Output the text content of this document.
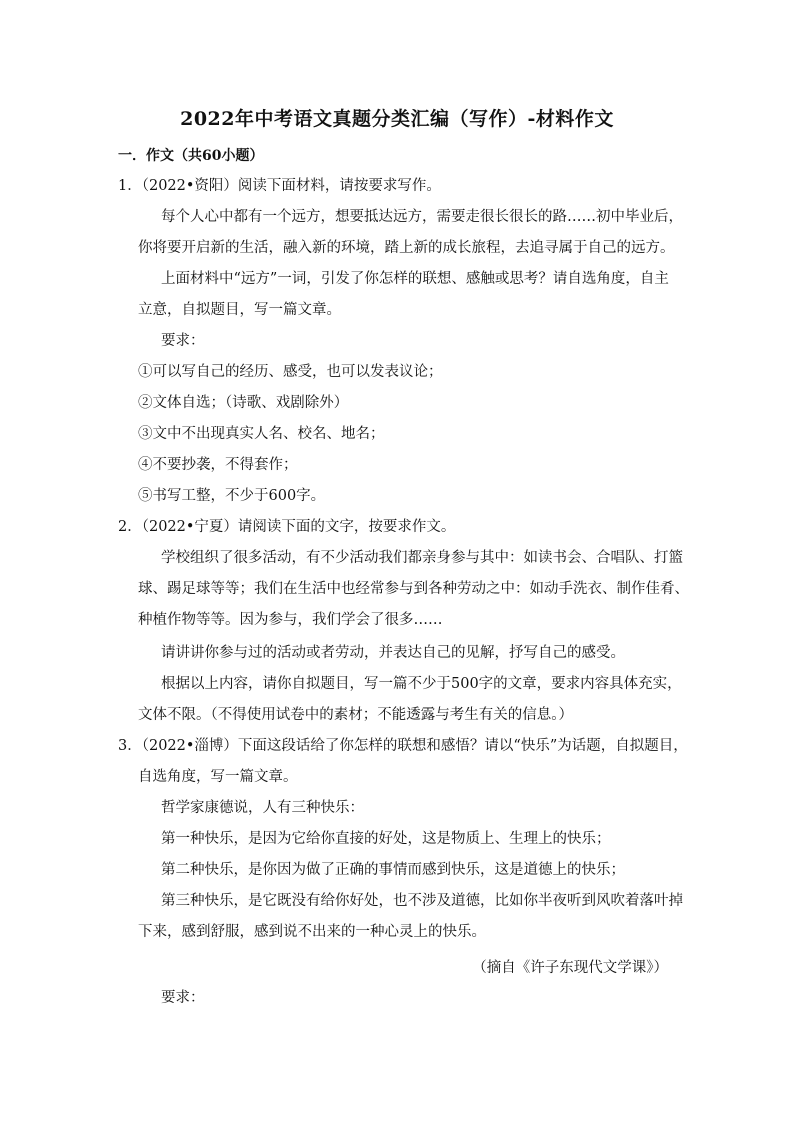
2022年中考语文真题分类汇编（写作）-材料作文
一．作文（共60小题）
1．（2022•资阳）阅读下面材料，请按要求写作。
每个人心中都有一个远方，想要抵达远方，需要走很长很长的路……初中毕业后，
你将要开启新的生活，融入新的环境，踏上新的成长旅程，去追寻属于自己的远方。
上面材料中“远方”一词，引发了你怎样的联想、感触或思考？请自选角度，自主
立意，自拟题目，写一篇文章。
要求：
①可以写自己的经历、感受，也可以发表议论；
②文体自选；（诗歌、戏剧除外）
③文中不出现真实人名、校名、地名；
④不要抄袭，不得套作；
⑤书写工整，不少于600字。
2．（2022•宁夏）请阅读下面的文字，按要求作文。
学校组织了很多活动，有不少活动我们都亲身参与其中：如读书会、合唱队、打篮
球、踢足球等等；我们在生活中也经常参与到各种劳动之中：如动手洗衣、制作佳肴、
种植作物等等。因为参与，我们学会了很多……
请讲讲你参与过的活动或者劳动，并表达自己的见解，抒写自己的感受。
根据以上内容，请你自拟题目，写一篇不少于500字的文章，要求内容具体充实，
文体不限。（不得使用试卷中的素材；不能透露与考生有关的信息。）
3．（2022•淄博）下面这段话给了你怎样的联想和感悟？请以“快乐”为话题，自拟题目，
自选角度，写一篇文章。
哲学家康德说，人有三种快乐：
第一种快乐，是因为它给你直接的好处，这是物质上、生理上的快乐；
第二种快乐，是你因为做了正确的事情而感到快乐，这是道德上的快乐；
第三种快乐，是它既没有给你好处，也不涉及道德，比如你半夜听到风吹着落叶掉
下来，感到舒服，感到说不出来的一种心灵上的快乐。
（摘自《许子东现代文学课》）
要求：
